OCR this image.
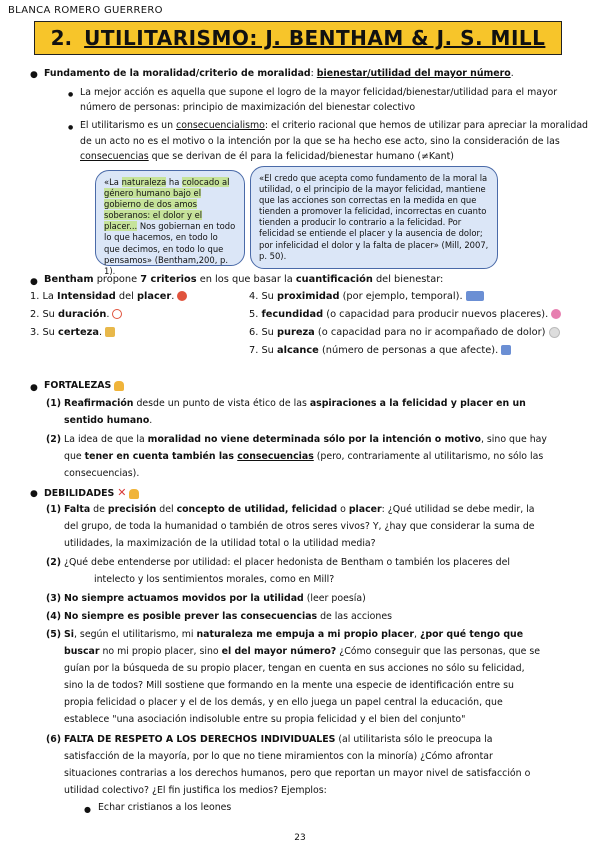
BLANCA ROMERO GUERRERO
2. UTILITARISMO: J. BENTHAM & J. S. MILL
● Fundamento de la moralidad/criterio de moralidad: bienestar/utilidad del mayor número.
● La mejor acción es aquella que supone el logro de la mayor felicidad/bienestar/utilidad para el mayor
número de personas: principio de maximización del bienestar colectivo
● El utilitarismo es un consecuencialismo: el criterio racional que hemos de utilizar para apreciar la moralidad
de un acto no es el motivo o la intención por la que se ha hecho ese acto, sino la consideración de las
consecuencias que se derivan de él para la felicidad/bienestar humano (≠Kant)
«La naturaleza ha colocado al género humano bajo el gobierno de dos amos soberanos: el dolor y el placer... Nos gobiernan en todo lo que hacemos, en todo lo que decimos, en todo lo que pensamos» (Bentham,200, p. 1).
«El credo que acepta como fundamento de la moral la utilidad, o el principio de la mayor felicidad, mantiene que las acciones son correctas en la medida en que tienden a promover la felicidad, incorrectas en cuanto tienden a producir lo contrario a la felicidad. Por felicidad se entiende el placer y la ausencia de dolor; por infelicidad el dolor y la falta de placer» (Mill, 2007, p. 50).
● Bentham propone 7 criterios en los que basar la cuantificación del bienestar:
1. La Intensidad del placer.
2. Su duración.
3. Su certeza.
4. Su proximidad (por ejemplo, temporal).
5. fecundidad (o capacidad para producir nuevos placeres).
6. Su pureza (o capacidad para no ir acompañado de dolor)
7. Su alcance (número de personas a que afecte).
● FORTALEZAS
(1) Reafirmación desde un punto de vista ético de las aspiraciones a la felicidad y placer en un
sentido humano.
(2) La idea de que la moralidad no viene determinada sólo por la intención o motivo, sino que hay
que tener en cuenta también las consecuencias (pero, contrariamente al utilitarismo, no sólo las
consecuencias).
● DEBILIDADES ✕
(1) Falta de precisión del concepto de utilidad, felicidad o placer: ¿Qué utilidad se debe medir, la
del grupo, de toda la humanidad o también de otros seres vivos? Y, ¿hay que considerar la suma de
utilidades, la maximización de la utilidad total o la utilidad media?
(2) ¿Qué debe entenderse por utilidad: el placer hedonista de Bentham o también los placeres del
intelecto y los sentimientos morales, como en Mill?
(3) No siempre actuamos movidos por la utilidad (leer poesía)
(4) No siempre es posible prever las consecuencias de las acciones
(5) Si, según el utilitarismo, mi naturaleza me empuja a mi propio placer, ¿por qué tengo que
buscar no mi propio placer, sino el del mayor número? ¿Cómo conseguir que las personas, que se
guían por la búsqueda de su propio placer, tengan en cuenta en sus acciones no sólo su felicidad,
sino la de todos? Mill sostiene que formando en la mente una especie de identificación entre su
propia felicidad o placer y el de los demás, y en ello juega un papel central la educación, que
establece "una asociación indisoluble entre su propia felicidad y el bien del conjunto"
(6) FALTA DE RESPETO A LOS DERECHOS INDIVIDUALES (al utilitarista sólo le preocupa la
satisfacción de la mayoría, por lo que no tiene miramientos con la minoría) ¿Cómo afrontar
situaciones contrarias a los derechos humanos, pero que reportan un mayor nivel de satisfacción o
utilidad colectivo? ¿El fin justifica los medios? Ejemplos:
● Echar cristianos a los leones
23
